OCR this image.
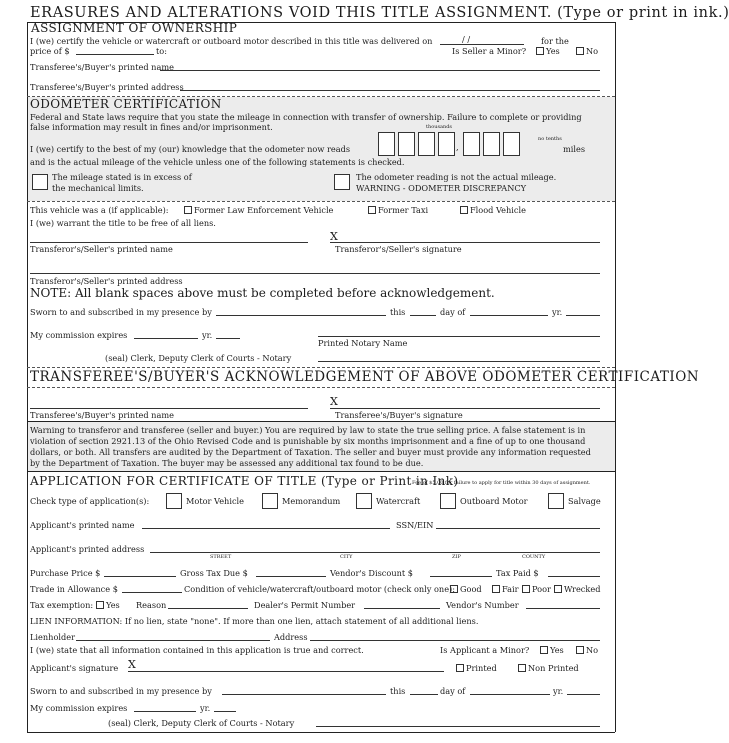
ERASURES AND ALTERATIONS VOID THIS TITLE ASSIGNMENT. (Type or print in ink.)
ASSIGNMENT OF OWNERSHIP
I (we) certify the vehicle or watercraft or outboard motor described in this title was delivered on	/ /	for the
price of $	to:	Is Seller a Minor?	Yes	No
Transferee's/Buyer's printed name
Transferee's/Buyer's printed address
ODOMETER CERTIFICATION
Federal and State laws require that you state the mileage in connection with transfer of ownership. Failure to complete or providing
false information may result in fines and/or imprisonment.	thousands
no tenths
I (we) certify to the best of my (our) knowledge that the odometer now reads	,	miles
and is the actual mileage of the vehicle unless one of the following statements is checked.
The mileage stated is in excess of
the mechanical limits.
The odometer reading is not the actual mileage.
WARNING - ODOMETER DISCREPANCY
This vehicle was a (if applicable):	Former Law Enforcement Vehicle	Former Taxi	Flood Vehicle
I (we) warrant the title to be free of all liens.
X
Transferor's/Seller's printed name	Transferor's/Seller's signature
Transferor's/Seller's printed address
NOTE: All blank spaces above must be completed before acknowledgement.
Sworn to and subscribed in my presence by	this	day of	yr.
My commission expires	yr.
Printed Notary Name
(seal) Clerk, Deputy Clerk of Courts - Notary
TRANSFEREE'S/BUYER'S ACKNOWLEDGEMENT OF ABOVE ODOMETER CERTIFICATION
X
Transferee's/Buyer's printed name	Transferee's/Buyer's signature
Warning to transferor and transferee (seller and buyer.) You are required by law to state the true selling price. A false statement is in
violation of section 2921.13 of the Ohio Revised Code and is punishable by six months imprisonment and a fine of up to one thousand
dollars, or both. All transfers are audited by the Department of Taxation. The seller and buyer must provide any information requested
by the Department of Taxation. The buyer may be assessed any additional tax found to be due.
APPLICATION FOR CERTIFICATE OF TITLE (Type or Print in Ink)
Fee of $5.00 for failure to apply for title within 30 days of assignment.
Check type of application(s):	Motor Vehicle	Memorandum	Watercraft	Outboard Motor	Salvage
Applicant's printed name	SSN/EIN
Applicant's printed address
STREET	CITY	ZIP	COUNTY
Purchase Price $	Gross Tax Due $	Vendor's Discount $	Tax Paid $
Trade in Allowance $	Condition of vehicle/watercraft/outboard motor (check only one): Good	Fair	Poor	Wrecked
Tax exemption:	Yes Reason	Dealer's Permit Number	Vendor's Number
LIEN INFORMATION: If no lien, state "none". If more than one lien, attach statement of all additional liens.
Lienholder	Address
I (we) state that all information contained in this application is true and correct.	Is Applicant a Minor?	Yes	No
Applicant's signature X	Printed	Non Printed
Sworn to and subscribed in my presence by	this	day of	yr.
My commission expires	yr.
(seal) Clerk, Deputy Clerk of Courts - Notary
